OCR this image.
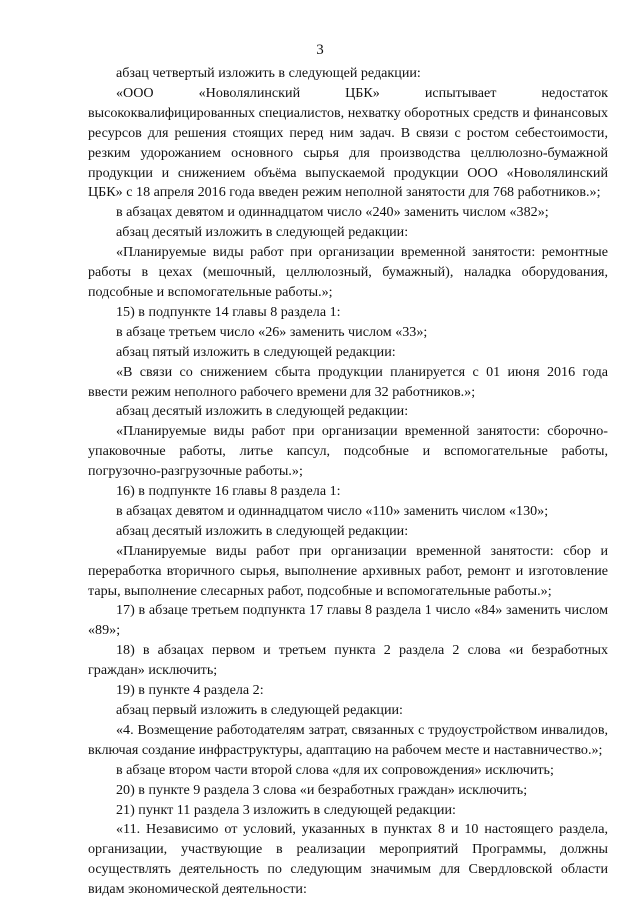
3

абзац четвертый изложить в следующей редакции:

«ООО «Новолялинский ЦБК» испытывает недостаток высококвалифицированных специалистов, нехватку оборотных средств и финансовых ресурсов для решения стоящих перед ним задач. В связи с ростом себестоимости, резким удорожанием основного сырья для производства целлюлозно-бумажной продукции и снижением объёма выпускаемой продукции ООО «Новолялинский ЦБК» с 18 апреля 2016 года введен режим неполной занятости для 768 работников.»;

в абзацах девятом и одиннадцатом число «240» заменить числом «382»;

абзац десятый изложить в следующей редакции:

«Планируемые виды работ при организации временной занятости: ремонтные работы в цехах (мешочный, целлюлозный, бумажный), наладка оборудования, подсобные и вспомогательные работы.»;

15) в подпункте 14 главы 8 раздела 1:

в абзаце третьем число «26» заменить числом «33»;

абзац пятый изложить в следующей редакции:

«В связи со снижением сбыта продукции планируется с 01 июня 2016 года ввести режим неполного рабочего времени для 32 работников.»;

абзац десятый изложить в следующей редакции:

«Планируемые виды работ при организации временной занятости: сборочно-упаковочные работы, литье капсул, подсобные и вспомогательные работы, погрузочно-разгрузочные работы.»;

16) в подпункте 16 главы 8 раздела 1:

в абзацах девятом и одиннадцатом число «110» заменить числом «130»;

абзац десятый изложить в следующей редакции:

«Планируемые виды работ при организации временной занятости: сбор и переработка вторичного сырья, выполнение архивных работ, ремонт и изготовление тары, выполнение слесарных работ, подсобные и вспомогательные работы.»;

17) в абзаце третьем подпункта 17 главы 8 раздела 1 число «84» заменить числом «89»;

18) в абзацах первом и третьем пункта 2 раздела 2 слова «и безработных граждан» исключить;

19) в пункте 4 раздела 2:

абзац первый изложить в следующей редакции:

«4. Возмещение работодателям затрат, связанных с трудоустройством инвалидов, включая создание инфраструктуры, адаптацию на рабочем месте и наставничество.»;

в абзаце втором части второй слова «для их сопровождения» исключить;

20) в пункте 9 раздела 3 слова «и безработных граждан» исключить;

21) пункт 11 раздела 3 изложить в следующей редакции:

«11. Независимо от условий, указанных в пунктах 8 и 10 настоящего раздела, организации, участвующие в реализации мероприятий Программы, должны осуществлять деятельность по следующим значимым для Свердловской области видам экономической деятельности:
